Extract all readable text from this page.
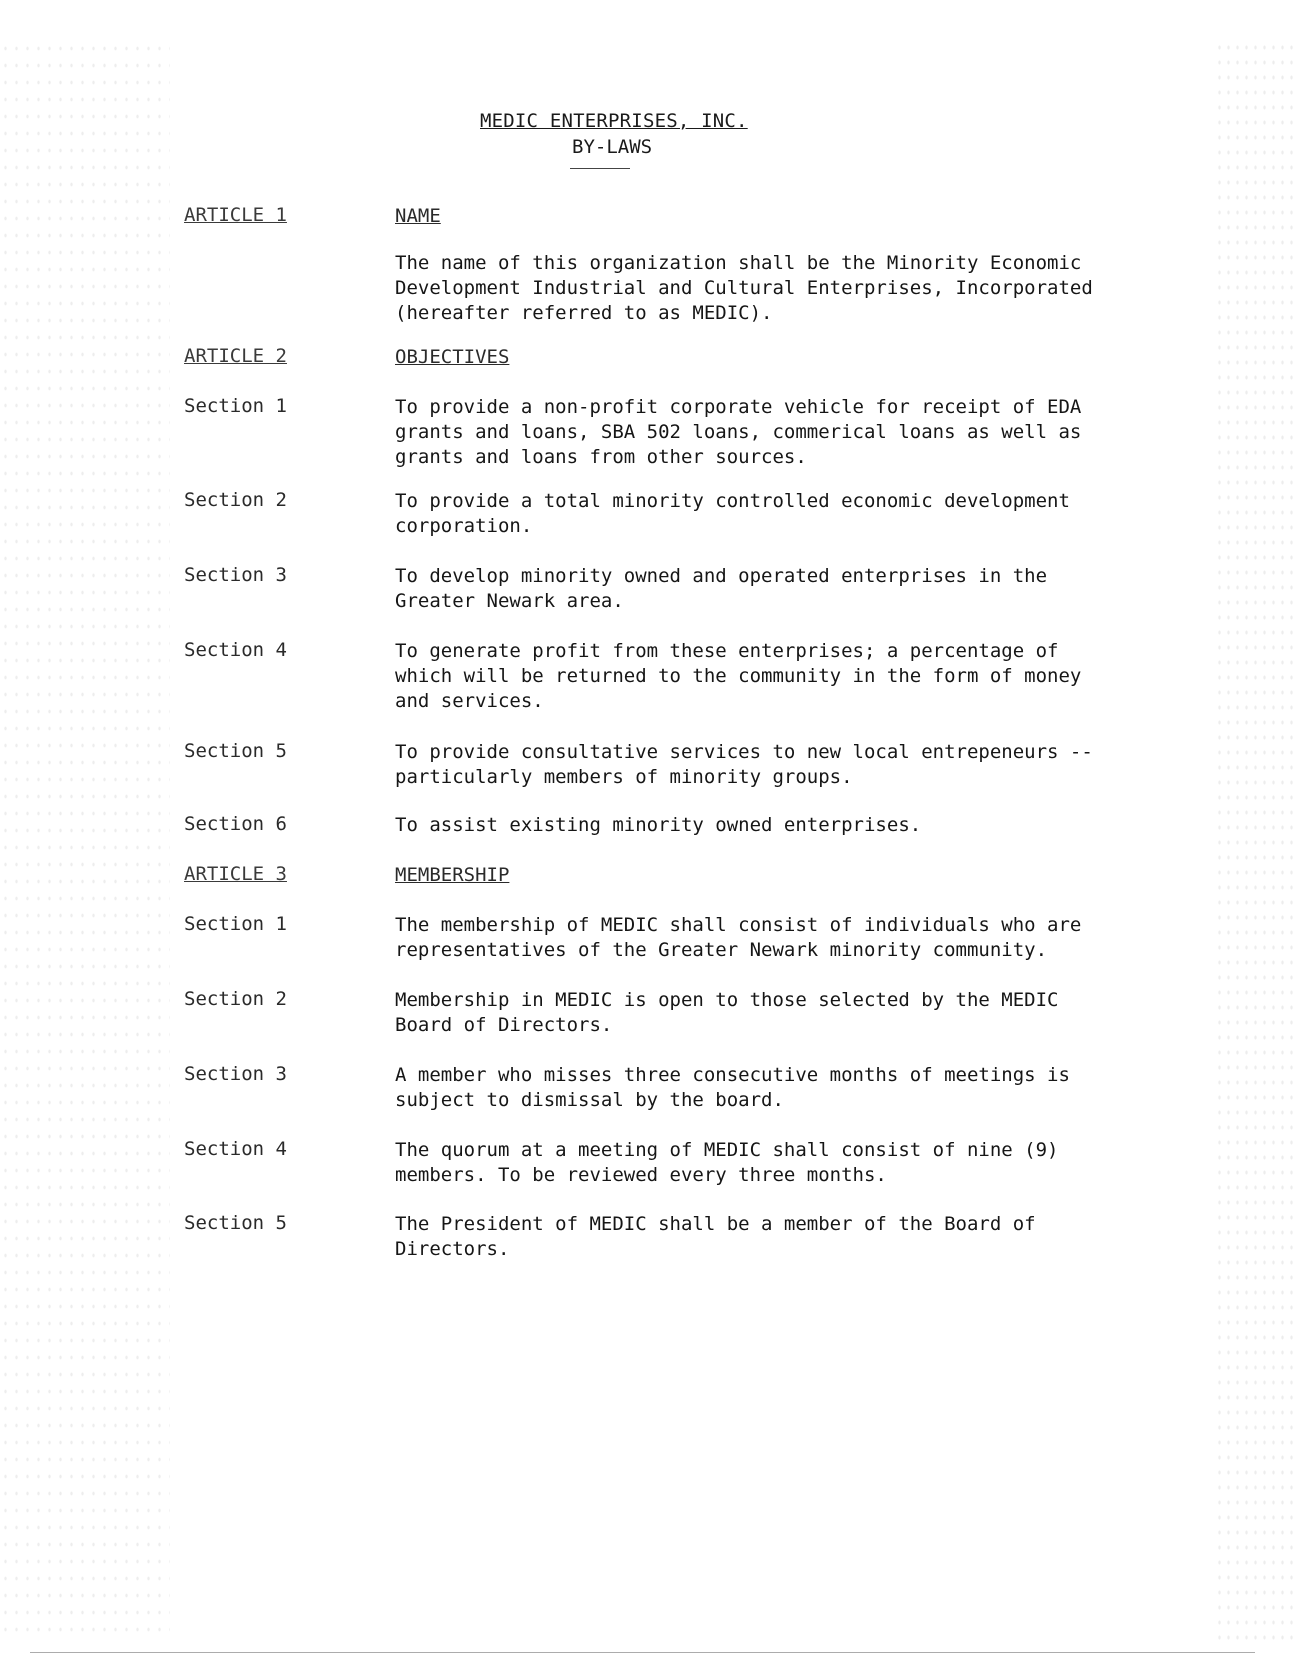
MEDIC ENTERPRISES, INC.
BY-LAWS
ARTICLE 1	NAME
The name of this organization shall be the Minority Economic
Development Industrial and Cultural Enterprises, Incorporated
(hereafter referred to as MEDIC).
ARTICLE 2	OBJECTIVES
Section 1	To provide a non-profit corporate vehicle for receipt of EDA
grants and loans, SBA 502 loans, commerical loans as well as
grants and loans from other sources.
Section 2	To provide a total minority controlled economic development
corporation.
Section 3	To develop minority owned and operated enterprises in the
Greater Newark area.
Section 4	To generate profit from these enterprises; a percentage of
which will be returned to the community in the form of money
and services.
Section 5	To provide consultative services to new local entrepeneurs --
particularly members of minority groups.
Section 6	To assist existing minority owned enterprises.
ARTICLE 3	MEMBERSHIP
Section 1	The membership of MEDIC shall consist of individuals who are
representatives of the Greater Newark minority community.
Section 2	Membership in MEDIC is open to those selected by the MEDIC
Board of Directors.
Section 3	A member who misses three consecutive months of meetings is
subject to dismissal by the board.
Section 4	The quorum at a meeting of MEDIC shall consist of nine (9)
members. To be reviewed every three months.
Section 5	The President of MEDIC shall be a member of the Board of
Directors.
